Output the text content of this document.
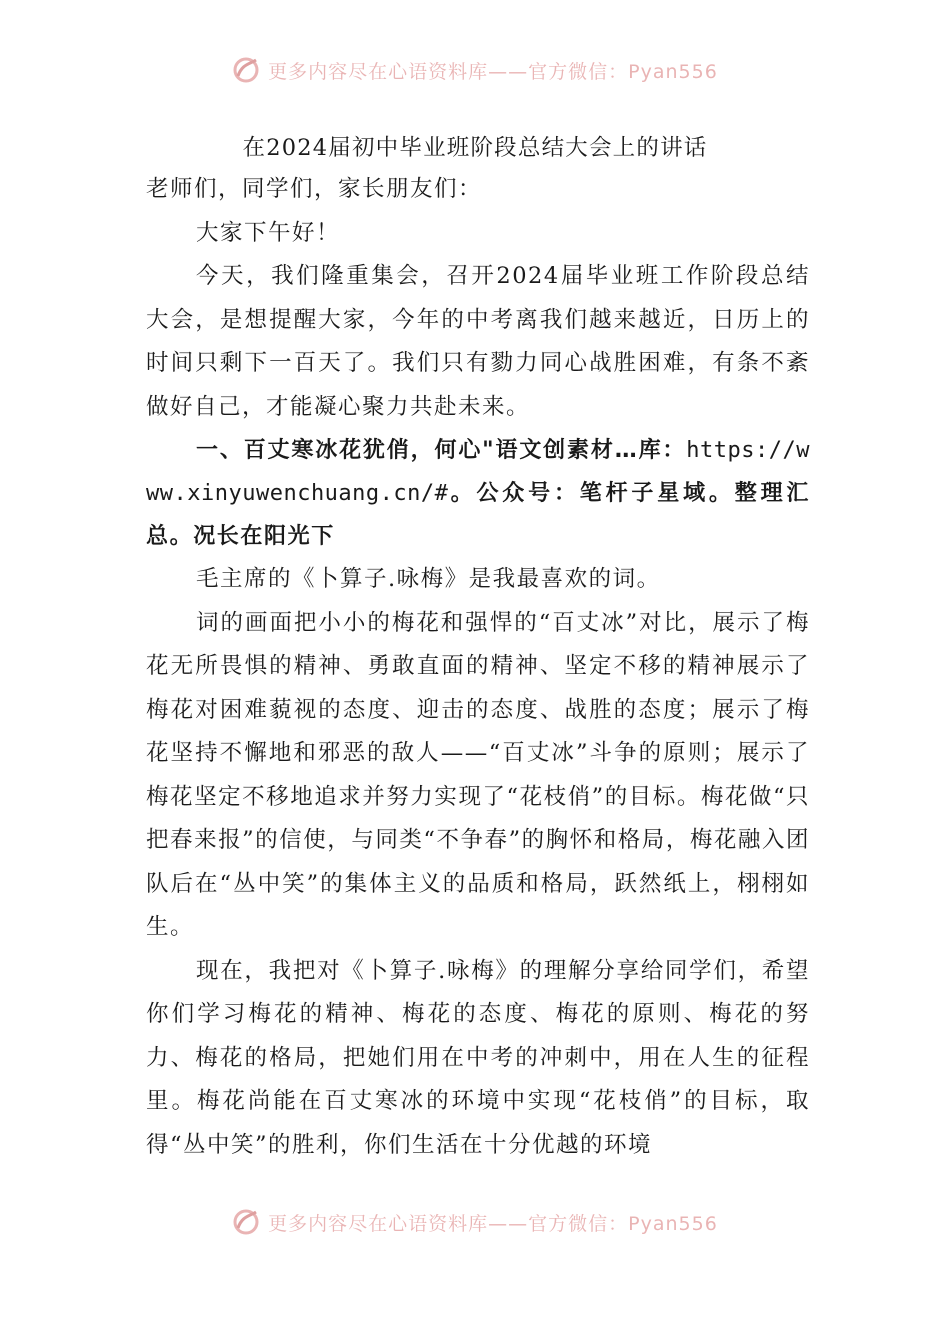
更多内容尽在心语资料库——官方微信：Pyan556
在2024届初中毕业班阶段总结大会上的讲话

老师们，同学们，家长朋友们：

大家下午好！

今天，我们隆重集会，召开2024届毕业班工作阶段总结大会，是想提醒大家，今年的中考离我们越来越近，日历上的时间只剩下一百天了。我们只有勠力同心战胜困难，有条不紊做好自己，才能凝心聚力共赴未来。

一、百丈寒冰花犹俏，何心"语文创素材…库：https://www.xinyuwenchuang.cn/#。公众号：笔杆子星域。整理汇总。况长在阳光下

毛主席的《卜算子.咏梅》是我最喜欢的词。

词的画面把小小的梅花和强悍的“百丈冰”对比，展示了梅花无所畏惧的精神、勇敢直面的精神、坚定不移的精神展示了梅花对困难藐视的态度、迎击的态度、战胜的态度；展示了梅花坚持不懈地和邪恶的敌人——“百丈冰”斗争的原则；展示了梅花坚定不移地追求并努力实现了“花枝俏”的目标。梅花做“只把春来报”的信使，与同类“不争春”的胸怀和格局，梅花融入团队后在“丛中笑”的集体主义的品质和格局，跃然纸上，栩栩如生。

现在，我把对《卜算子.咏梅》的理解分享给同学们，希望你们学习梅花的精神、梅花的态度、梅花的原则、梅花的努力、梅花的格局，把她们用在中考的冲刺中，用在人生的征程里。梅花尚能在百丈寒冰的环境中实现“花枝俏”的目标，取得“丛中笑”的胜利，你们生活在十分优越的环境

更多内容尽在心语资料库——官方微信：Pyan556
